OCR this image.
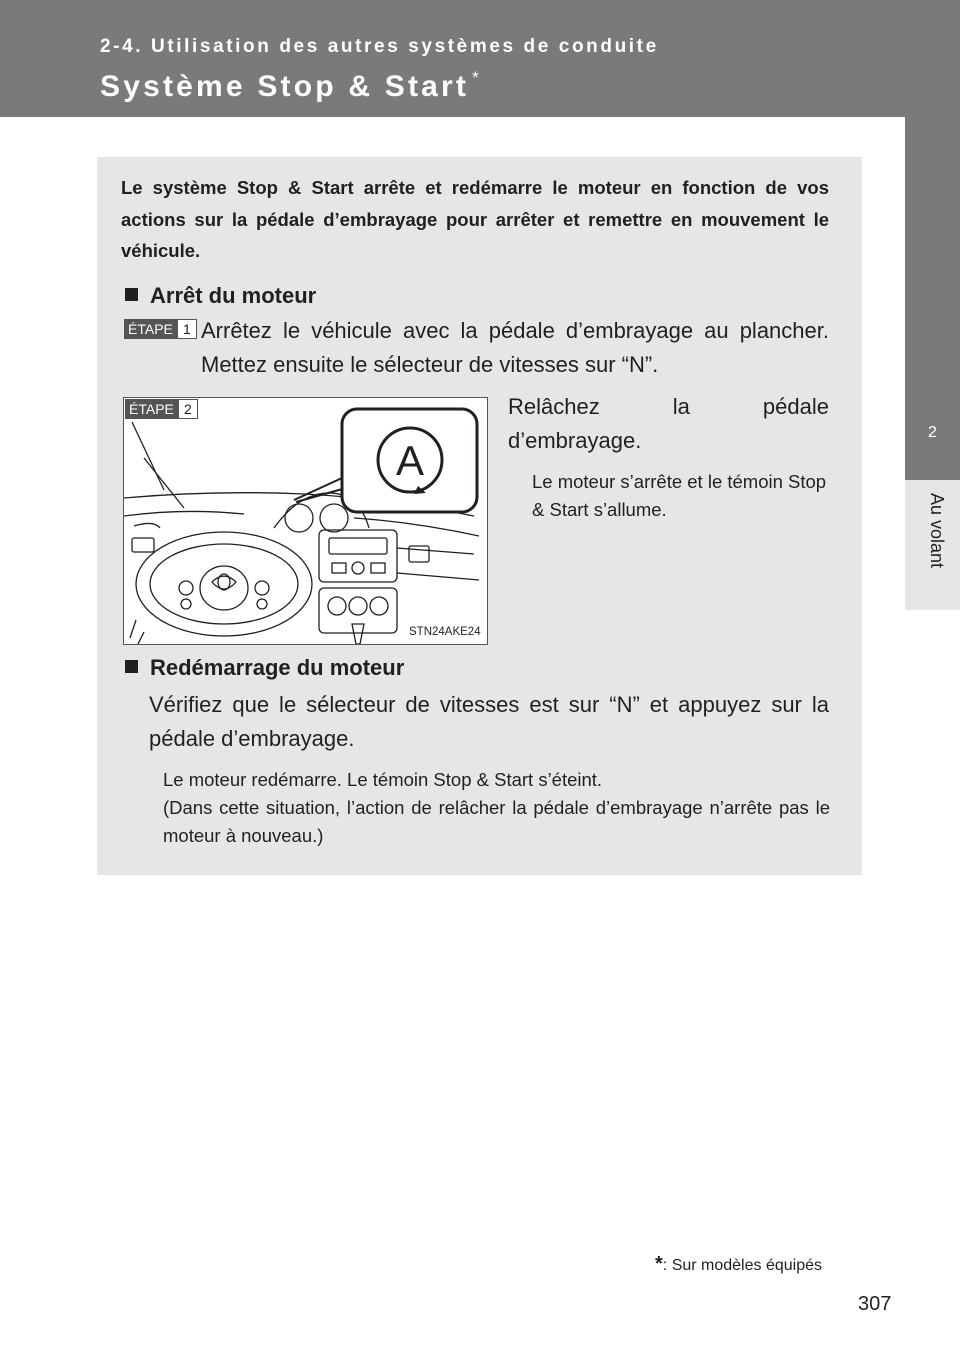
2-4. Utilisation des autres systèmes de conduite
Système Stop & Start *
2
Au volant
Le système Stop & Start arrête et redémarre le moteur en fonction de vos actions sur la pédale d’embrayage pour arrêter et remettre en mouvement le véhicule.
Arrêt du moteur
ÉTAPE 1 Arrêtez le véhicule avec la pédale d’embrayage au plancher. Mettez ensuite le sélecteur de vitesses sur “N”.
A
STN24AKE24
ÉTAPE 2	Relâchez la pédale d’embrayage.
Le moteur s’arrête et le témoin Stop & Start s’allume.
Redémarrage du moteur
Vérifiez que le sélecteur de vitesses est sur “N” et appuyez sur la pédale d’embrayage.
Le moteur redémarre. Le témoin Stop & Start s’éteint.
(Dans cette situation, l’action de relâcher la pédale d’embrayage n’arrête pas le moteur à nouveau.)
*: Sur modèles équipés
307
